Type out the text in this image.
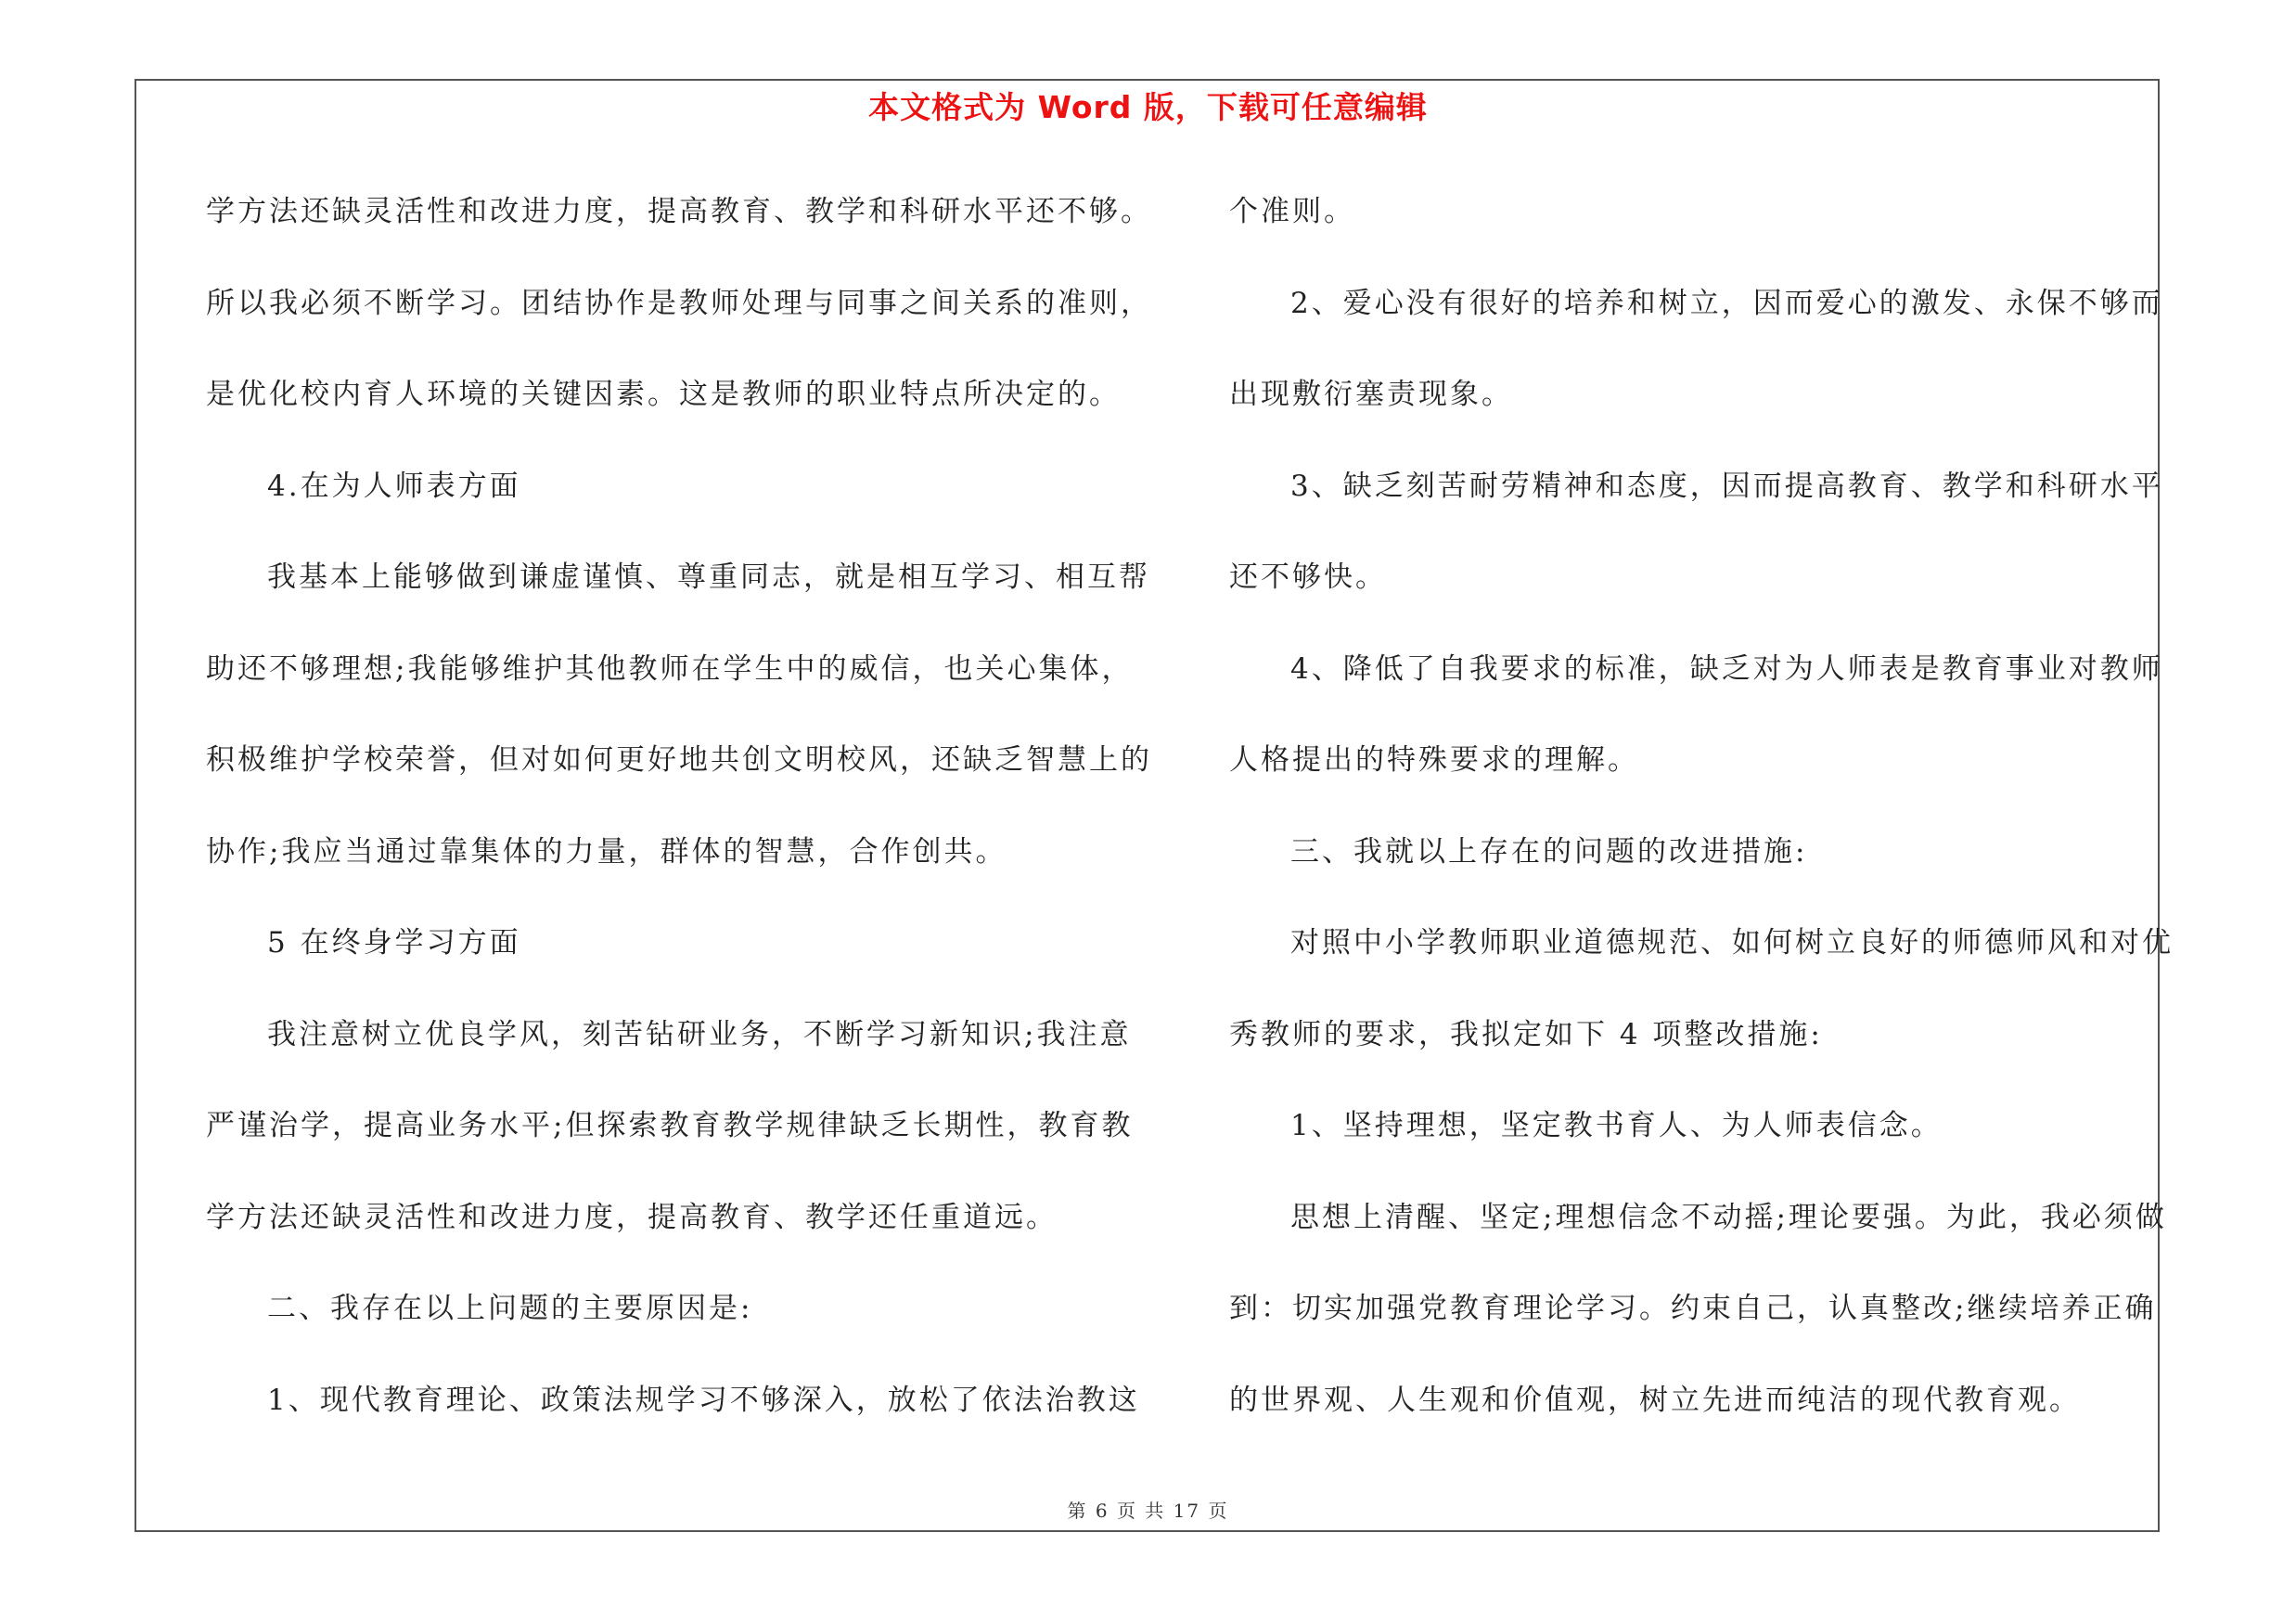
本文格式为 Word 版，下载可任意编辑
学方法还缺灵活性和改进力度，提高教育、教学和科研水平还不够。
所以我必须不断学习。团结协作是教师处理与同事之间关系的准则，
是优化校内育人环境的关键因素。这是教师的职业特点所决定的。
4.在为人师表方面
我基本上能够做到谦虚谨慎、尊重同志，就是相互学习、相互帮
助还不够理想;我能够维护其他教师在学生中的威信，也关心集体，
积极维护学校荣誉，但对如何更好地共创文明校风，还缺乏智慧上的
协作;我应当通过靠集体的力量，群体的智慧，合作创共。
5 在终身学习方面
我注意树立优良学风，刻苦钻研业务，不断学习新知识;我注意
严谨治学，提高业务水平;但探索教育教学规律缺乏长期性，教育教
学方法还缺灵活性和改进力度，提高教育、教学还任重道远。
二、我存在以上问题的主要原因是:
1、现代教育理论、政策法规学习不够深入，放松了依法治教这
个准则。
2、爱心没有很好的培养和树立，因而爱心的激发、永保不够而
出现敷衍塞责现象。
3、缺乏刻苦耐劳精神和态度，因而提高教育、教学和科研水平
还不够快。
4、降低了自我要求的标准，缺乏对为人师表是教育事业对教师
人格提出的特殊要求的理解。
三、我就以上存在的问题的改进措施:
对照中小学教师职业道德规范、如何树立良好的师德师风和对优
秀教师的要求，我拟定如下 4 项整改措施:
1、坚持理想，坚定教书育人、为人师表信念。
思想上清醒、坚定;理想信念不动摇;理论要强。为此，我必须做
到：切实加强党教育理论学习。约束自己，认真整改;继续培养正确
的世界观、人生观和价值观，树立先进而纯洁的现代教育观。
第 6 页 共 17 页
